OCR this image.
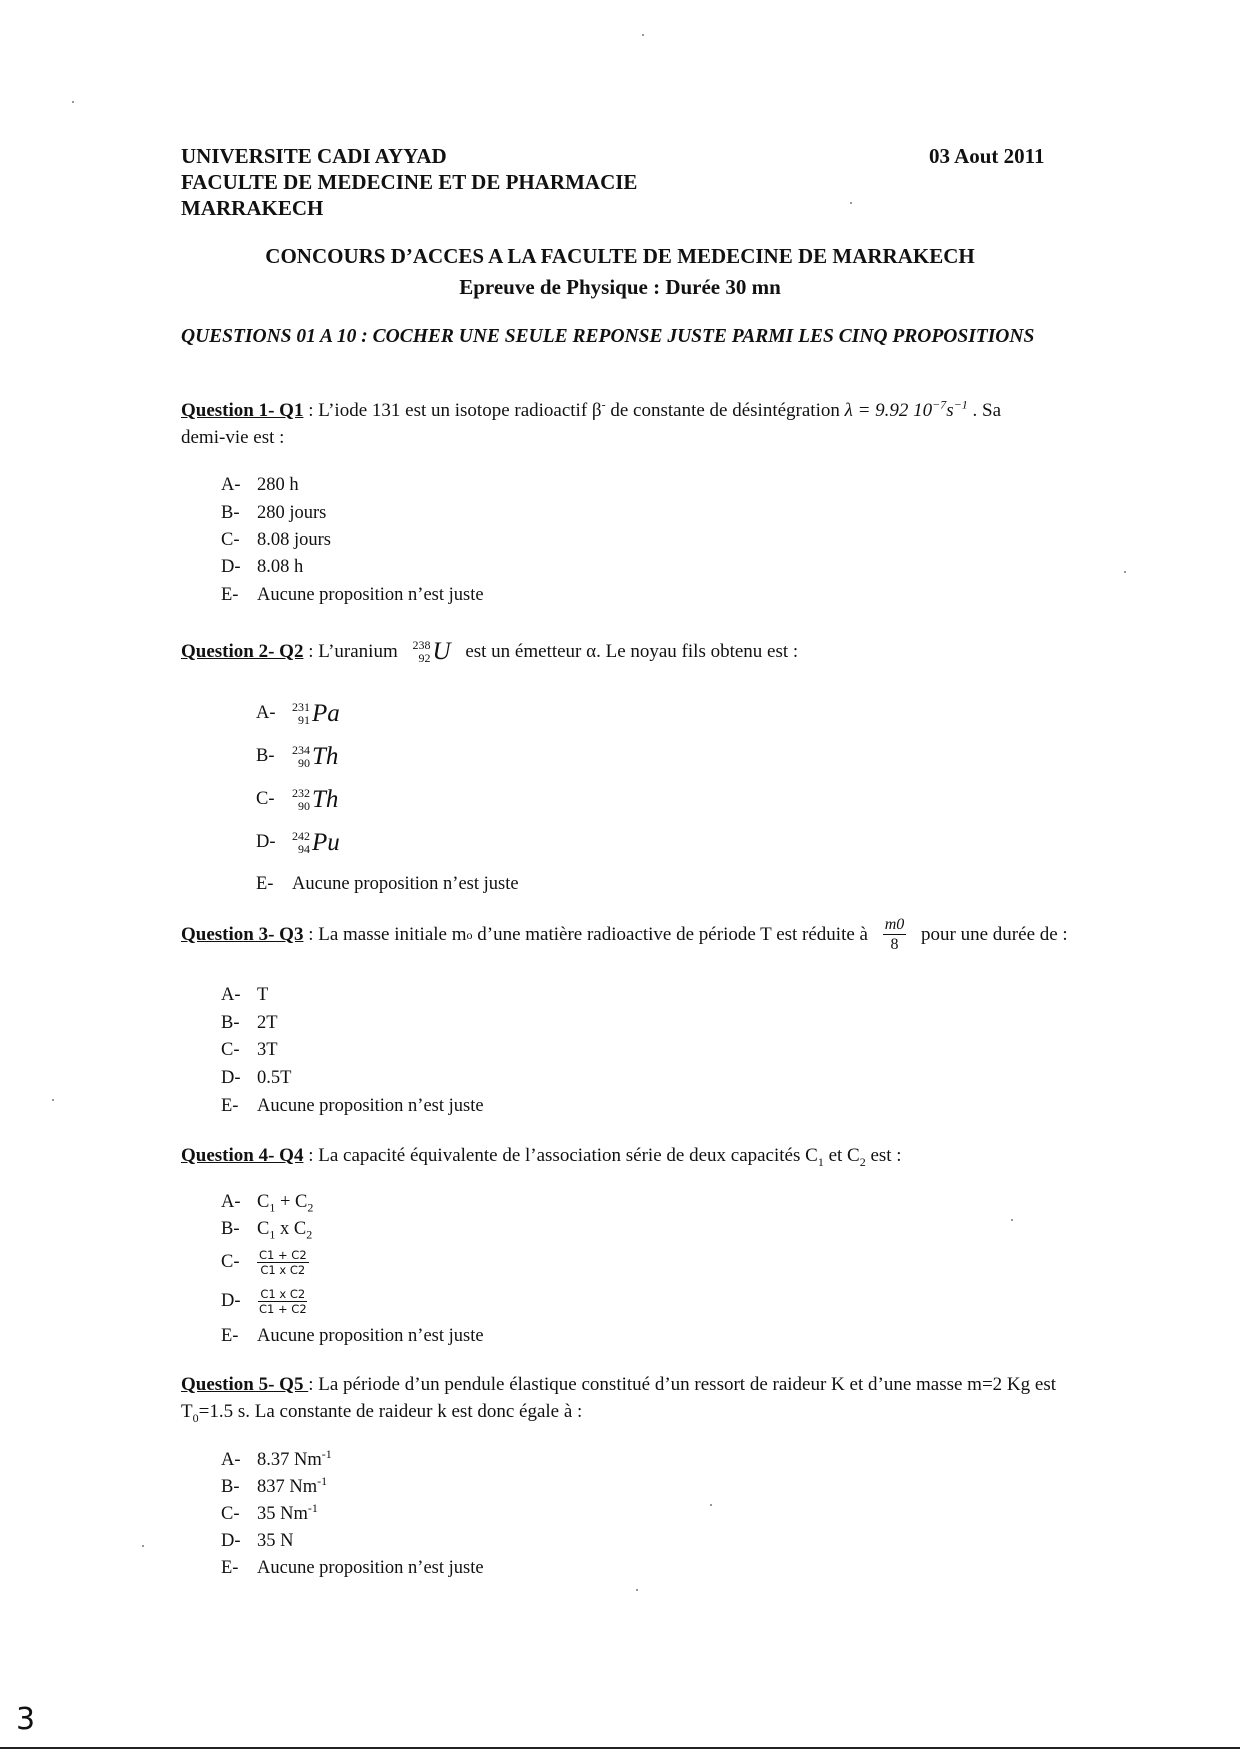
UNIVERSITE CADI AYYAD
FACULTE DE MEDECINE ET DE PHARMACIE
MARRAKECH
03 Aout 2011
CONCOURS D’ACCES A LA FACULTE DE MEDECINE DE MARRAKECH
Epreuve de Physique : Durée 30 mn
QUESTIONS 01 A 10 : COCHER UNE SEULE REPONSE JUSTE PARMI LES CINQ PROPOSITIONS
Question 1- Q1 : L’iode 131 est un isotope radioactif β- de constante de désintégration λ = 9.92 $10^{-7}s^{-1}$ . Sa
demi-vie est :
A- 280 h
B- 280 jours
C- 8.08 jours
D- 8.08 h
E- Aucune proposition n’est juste
Question 2- Q2 : L’uranium 238
92 U est un émetteur α. Le noyau fils obtenu est :
A-	231
91 Pa
B-	234
90 Th
C-	232
90 Th
D-	242
94 Pu
E- Aucune proposition n’est juste
Question 3- Q3 : La masse initiale m o d’une matière radioactive de période T est réduite à $\frac{m0}{8}$ pour une durée de :
A- T
B- 2T
C- 3T
D- 0.5T
E- Aucune proposition n’est juste
Question 4- Q4 : La capacité équivalente de l’association série de deux capacités $C_1$ et $C_2$ est :
A- $C_1 + C_2$
B- $C_1$ x $C_2$
C-	$\frac{C1 + C2}{\text{C1 x C2}}$
D-	$\frac{\text{C1 x C2}}{C1 + C2}$
E- Aucune proposition n’est juste
Question 5- Q5 : La période d’un pendule élastique constitué d’un ressort de raideur K et d’une masse m=2 Kg est
$T_0=1.5$ s. La constante de raideur k est donc égale à :
A- 8.37 $Nm^{-1}$
B- 837 $Nm^{-1}$
C- 35 $Nm^{-1}$
D- 35 N
E- Aucune proposition n’est juste
3
